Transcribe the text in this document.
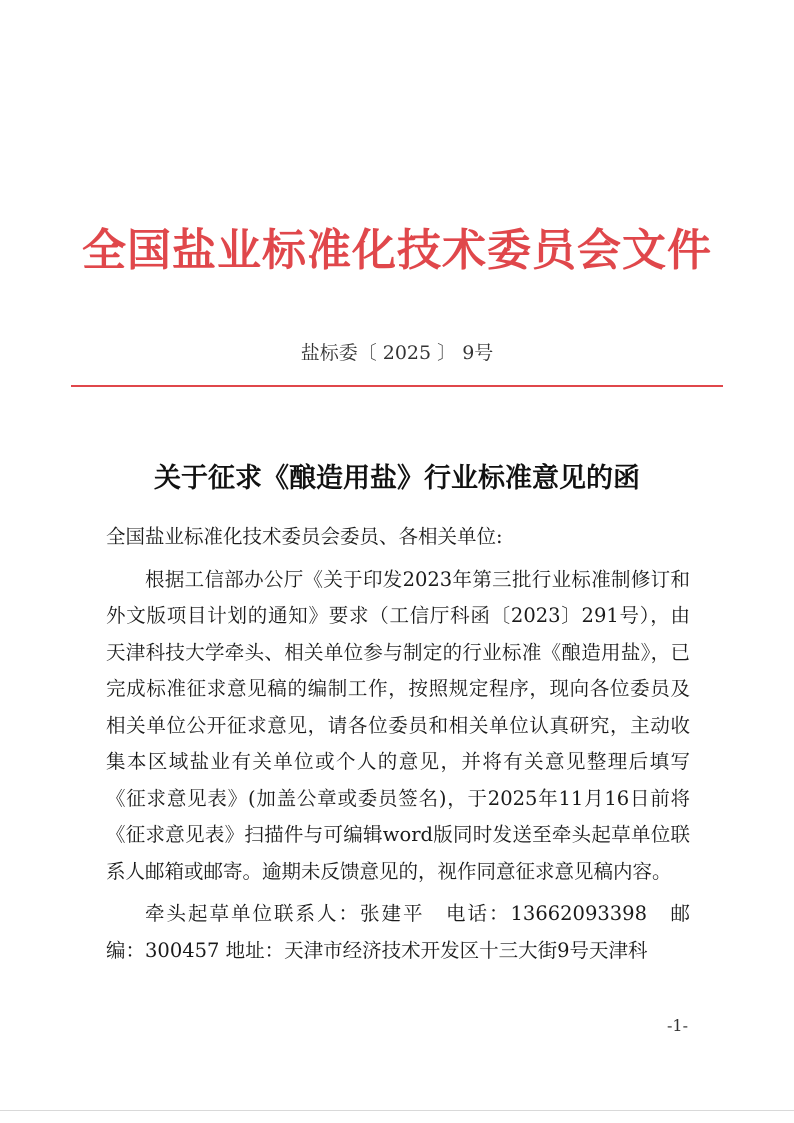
全国盐业标准化技术委员会文件
盐标委〔 2025 〕 9号
关于征求《酿造用盐》行业标准意见的函

全国盐业标准化技术委员会委员、各相关单位:

根据工信部办公厅《关于印发2023年第三批行业标准制修订和外文版项目计划的通知》要求（工信厅科函〔2023〕291号），由天津科技大学牵头、相关单位参与制定的行业标准《酿造用盐》，已完成标准征求意见稿的编制工作，按照规定程序，现向各位委员及相关单位公开征求意见，请各位委员和相关单位认真研究，主动收集本区域盐业有关单位或个人的意见，并将有关意见整理后填写《征求意见表》(加盖公章或委员签名)，于2025年11月16日前将《征求意见表》扫描件与可编辑word版同时发送至牵头起草单位联系人邮箱或邮寄。逾期未反馈意见的，视作同意征求意见稿内容。

牵头起草单位联系人：张建平　电话：13662093398　邮编：300457 地址：天津市经济技术开发区十三大街9号天津科

-1-
